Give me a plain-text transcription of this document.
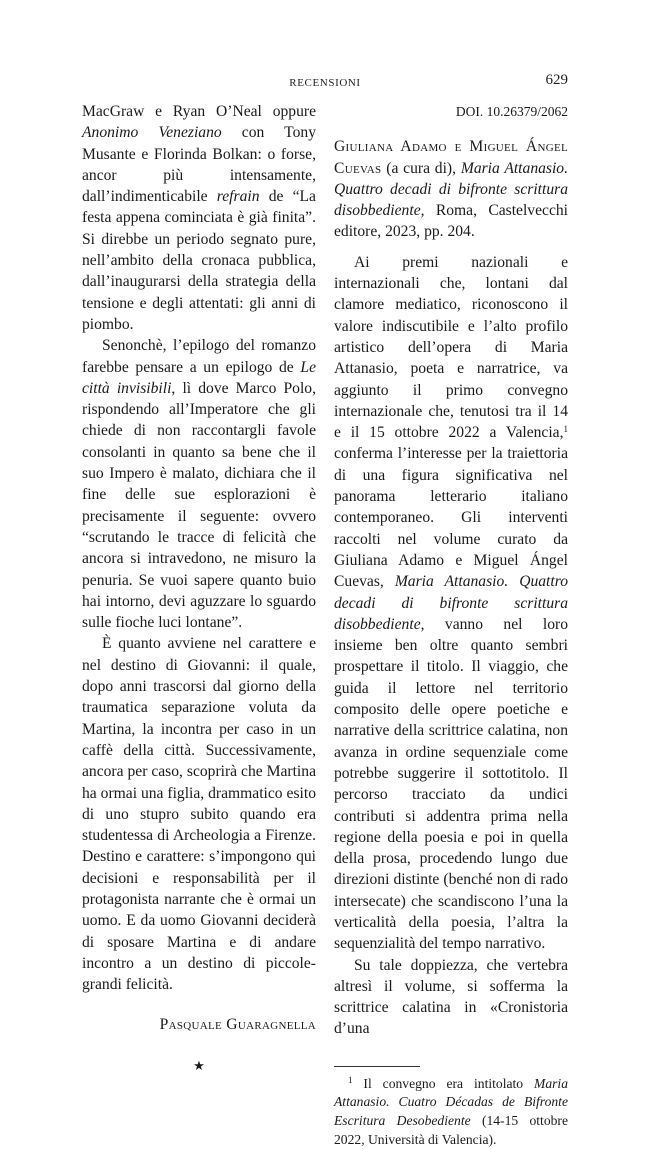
RECENSIONI	629

MacGraw e Ryan O’Neal oppure Anonimo Veneziano con Tony Musante e Florinda Bolkan: o forse, ancor più intensamente, dall’indimenticabile refrain de “La festa appena cominciata è già finita”. Si direbbe un periodo segnato pure, nell’ambito della cronaca pubblica, dall’inaugurarsi della strategia della tensione e degli attentati: gli anni di piombo.

Senonchè, l’epilogo del romanzo farebbe pensare a un epilogo de Le città invisibili, lì dove Marco Polo, rispondendo all’Imperatore che gli chiede di non raccontargli favole consolanti in quanto sa bene che il suo Impero è malato, dichiara che il fine delle sue esplorazioni è precisamente il seguente: ovvero “scrutando le tracce di felicità che ancora si intravedono, ne misuro la penuria. Se vuoi sapere quanto buio hai intorno, devi aguzzare lo sguardo sulle fioche luci lontane”.

È quanto avviene nel carattere e nel destino di Giovanni: il quale, dopo anni trascorsi dal giorno della traumatica separazione voluta da Martina, la incontra per caso in un caffè della città. Successivamente, ancora per caso, scoprirà che Martina ha ormai una figlia, drammatico esito di uno stupro subito quando era studentessa di Archeologia a Firenze. Destino e carattere: s’impongono qui decisioni e responsabilità per il protagonista narrante che è ormai un uomo. E da uomo Giovanni deciderà di sposare Martina e di andare incontro a un destino di piccole-grandi felicità.

Pasquale Guaragnella

★

DOI. 10.26379/2062

Giuliana Adamo e Miguel Ángel Cuevas (a cura di), Maria Attanasio. Quattro decadi di bifronte scrittura disobbediente, Roma, Castelvecchi editore, 2023, pp. 204.

Ai premi nazionali e internazionali che, lontani dal clamore mediatico, riconoscono il valore indiscutibile e l’alto profilo artistico dell’opera di Maria Attanasio, poeta e narratrice, va aggiunto il primo convegno internazionale che, tenutosi tra il 14 e il 15 ottobre 2022 a Valencia,$^1$ conferma l’interesse per la traiettoria di una figura significativa nel panorama letterario italiano contemporaneo. Gli interventi raccolti nel volume curato da Giuliana Adamo e Miguel Ángel Cuevas, Maria Attanasio. Quattro decadi di bifronte scrittura disobbediente, vanno nel loro insieme ben oltre quanto sembri prospettare il titolo. Il viaggio, che guida il lettore nel territorio composito delle opere poetiche e narrative della scrittrice calatina, non avanza in ordine sequenziale come potrebbe suggerire il sottotitolo. Il percorso tracciato da undici contributi si addentra prima nella regione della poesia e poi in quella della prosa, procedendo lungo due direzioni distinte (benché non di rado intersecate) che scandiscono l’una la verticalità della poesia, l’altra la sequenzialità del tempo narrativo.

Su tale doppiezza, che vertebra altresì il volume, si sofferma la scrittrice calatina in «Cronistoria d’una

$^1$ Il convegno era intitolato Maria Attanasio. Cuatro Décadas de Bifronte Escritura Desobediente (14-15 ottobre 2022, Università di Valencia).
